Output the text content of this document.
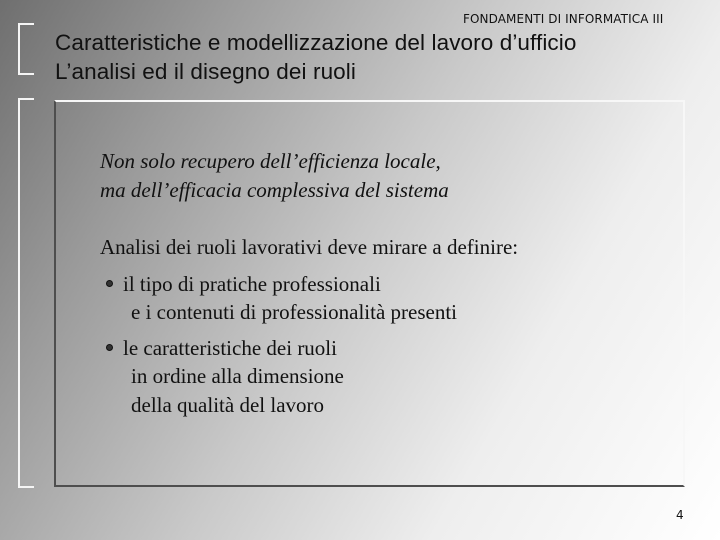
FONDAMENTI DI INFORMATICA III
Caratteristiche e modellizzazione del lavoro d’ufficio
L’analisi ed il disegno dei ruoli
Non solo recupero dell’efficienza locale,
ma dell’efficacia complessiva del sistema
Analisi dei ruoli lavorativi deve mirare a definire:
il tipo di pratiche professionali
e i contenuti di professionalità presenti
le caratteristiche dei ruoli
in ordine alla dimensione
della qualità del lavoro
4
